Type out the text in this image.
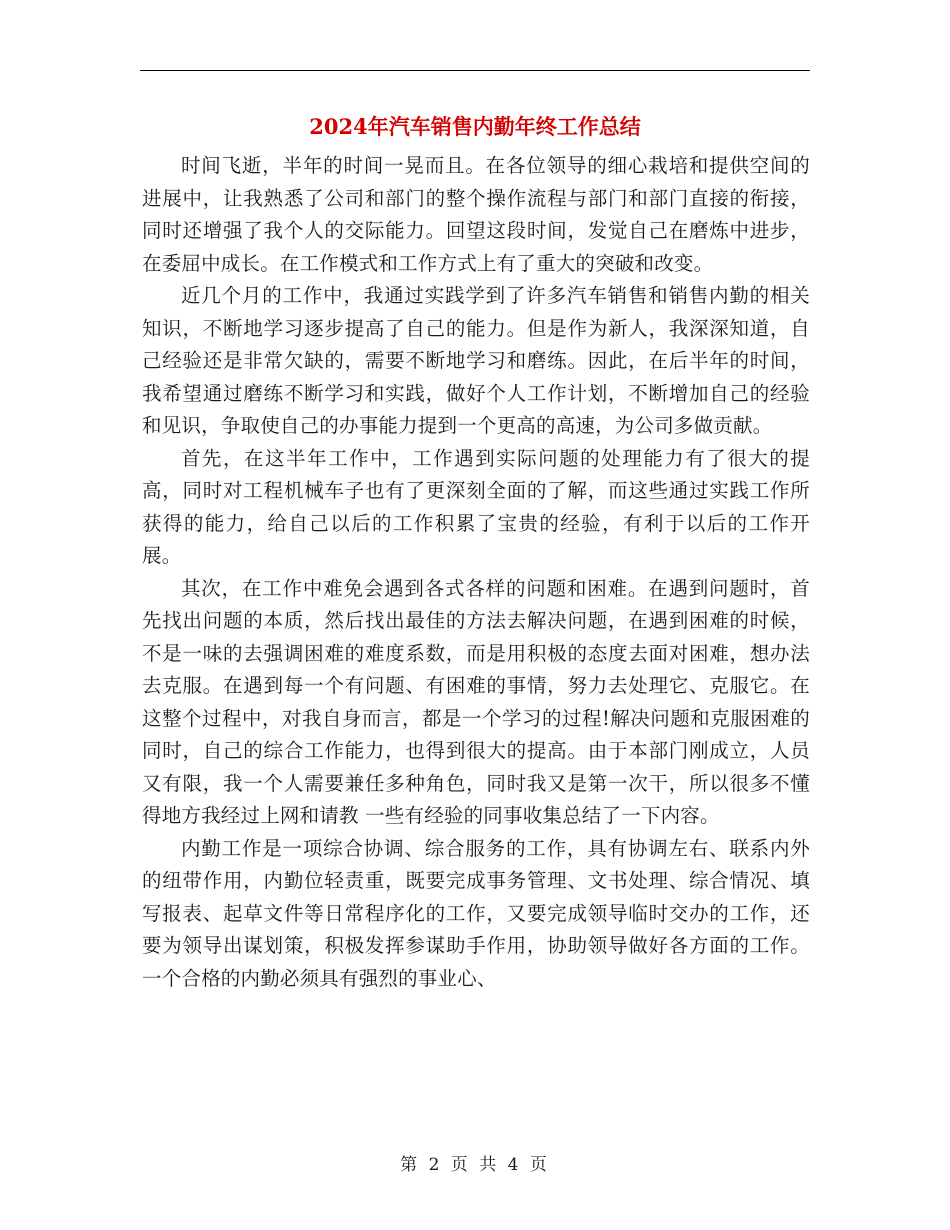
2024年汽车销售内勤年终工作总结

时间飞逝，半年的时间一晃而且。在各位领导的细心栽培和提供空间的进展中，让我熟悉了公司和部门的整个操作流程与部门和部门直接的衔接，同时还增强了我个人的交际能力。回望这段时间，发觉自己在磨炼中进步，在委屈中成长。在工作模式和工作方式上有了重大的突破和改变。

近几个月的工作中，我通过实践学到了许多汽车销售和销售内勤的相关知识，不断地学习逐步提高了自己的能力。但是作为新人，我深深知道，自己经验还是非常欠缺的，需要不断地学习和磨练。因此，在后半年的时间，我希望通过磨练不断学习和实践，做好个人工作计划，不断增加自己的经验和见识，争取使自己的办事能力提到一个更高的高速，为公司多做贡献。

首先，在这半年工作中，工作遇到实际问题的处理能力有了很大的提高，同时对工程机械车子也有了更深刻全面的了解，而这些通过实践工作所获得的能力，给自己以后的工作积累了宝贵的经验，有利于以后的工作开展。

其次，在工作中难免会遇到各式各样的问题和困难。在遇到问题时，首先找出问题的本质，然后找出最佳的方法去解决问题，在遇到困难的时候，不是一味的去强调困难的难度系数，而是用积极的态度去面对困难，想办法去克服。在遇到每一个有问题、有困难的事情，努力去处理它、克服它。在这整个过程中，对我自身而言，都是一个学习的过程!解决问题和克服困难的同时，自己的综合工作能力，也得到很大的提高。由于本部门刚成立，人员又有限，我一个人需要兼任多种角色，同时我又是第一次干，所以很多不懂得地方我经过上网和请教 一些有经验的同事收集总结了一下内容。

内勤工作是一项综合协调、综合服务的工作，具有协调左右、联系内外的纽带作用，内勤位轻责重，既要完成事务管理、文书处理、综合情况、填写报表、起草文件等日常程序化的工作，又要完成领导临时交办的工作，还要为领导出谋划策，积极发挥参谋助手作用，协助领导做好各方面的工作。一个合格的内勤必须具有强烈的事业心、

第 2 页 共 4 页
